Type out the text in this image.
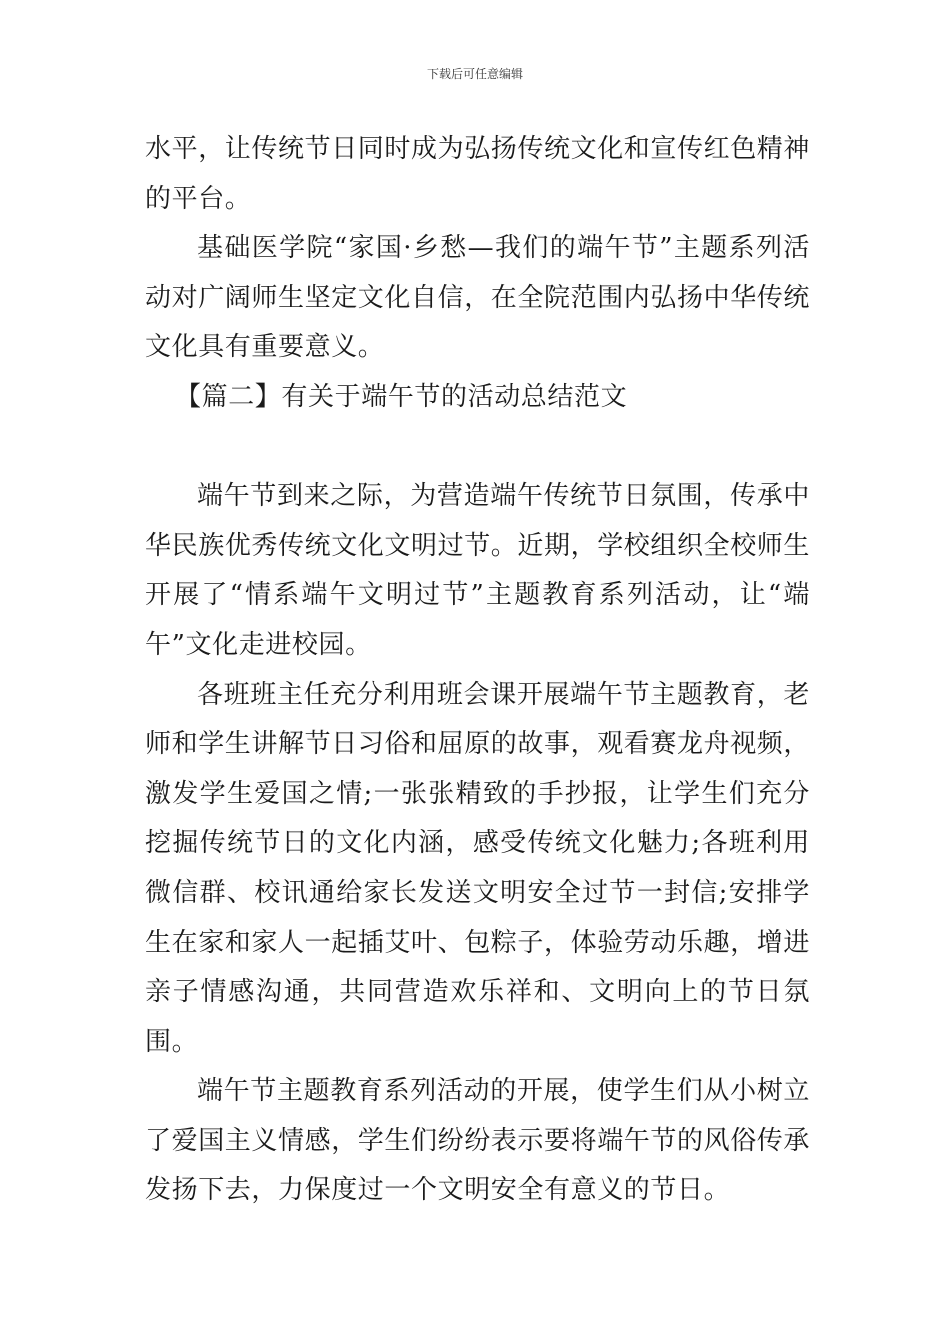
下载后可任意编辑

水平，让传统节日同时成为弘扬传统文化和宣传红色精神的平台。

基础医学院“家国·乡愁—我们的端午节”主题系列活动对广阔师生坚定文化自信，在全院范围内弘扬中华传统文化具有重要意义。

【篇二】有关于端午节的活动总结范文

端午节到来之际，为营造端午传统节日氛围，传承中华民族优秀传统文化文明过节。近期，学校组织全校师生开展了“情系端午文明过节”主题教育系列活动，让“端午”文化走进校园。

各班班主任充分利用班会课开展端午节主题教育，老师和学生讲解节日习俗和屈原的故事，观看赛龙舟视频，激发学生爱国之情;一张张精致的手抄报，让学生们充分挖掘传统节日的文化内涵，感受传统文化魅力;各班利用微信群、校讯通给家长发送文明安全过节一封信;安排学生在家和家人一起插艾叶、包粽子，体验劳动乐趣，增进亲子情感沟通，共同营造欢乐祥和、文明向上的节日氛围。

端午节主题教育系列活动的开展，使学生们从小树立了爱国主义情感，学生们纷纷表示要将端午节的风俗传承发扬下去，力保度过一个文明安全有意义的节日。
